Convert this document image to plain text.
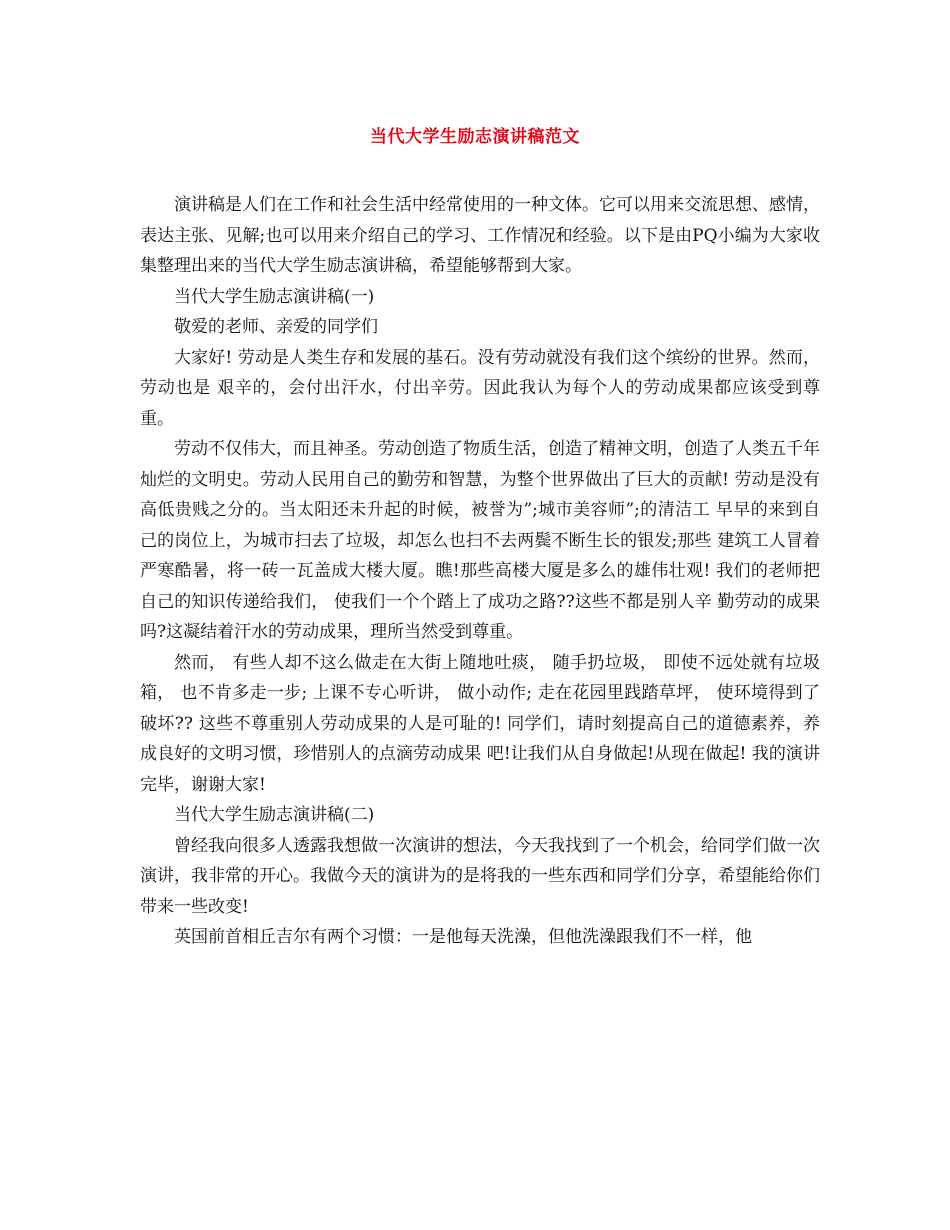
当代大学生励志演讲稿范文

演讲稿是人们在工作和社会生活中经常使用的一种文体。它可以用来交流思想、感情，表达主张、见解;也可以用来介绍自己的学习、工作情况和经验。以下是由PQ小编为大家收集整理出来的当代大学生励志演讲稿，希望能够帮到大家。

当代大学生励志演讲稿(一)

敬爱的老师、亲爱的同学们

大家好! 劳动是人类生存和发展的基石。没有劳动就没有我们这个缤纷的世界。然而，劳动也是 艰辛的，会付出汗水，付出辛劳。因此我认为每个人的劳动成果都应该受到尊重。

劳动不仅伟大，而且神圣。劳动创造了物质生活，创造了精神文明，创造了人类五千年 灿烂的文明史。劳动人民用自己的勤劳和智慧，为整个世界做出了巨大的贡献! 劳动是没有高低贵贱之分的。当太阳还未升起的时候，被誉为”;城市美容师”;的清洁工 早早的来到自己的岗位上，为城市扫去了垃圾，却怎么也扫不去两鬓不断生长的银发;那些 建筑工人冒着严寒酷暑，将一砖一瓦盖成大楼大厦。瞧!那些高楼大厦是多么的雄伟壮观! 我们的老师把自己的知识传递给我们， 使我们一个个踏上了成功之路??这些不都是别人辛 勤劳动的成果吗?这凝结着汗水的劳动成果，理所当然受到尊重。

然而， 有些人却不这么做走在大街上随地吐痰， 随手扔垃圾， 即使不远处就有垃圾箱， 也不肯多走一步; 上课不专心听讲， 做小动作; 走在花园里践踏草坪， 使环境得到了破坏?? 这些不尊重别人劳动成果的人是可耻的! 同学们，请时刻提高自己的道德素养，养成良好的文明习惯，珍惜别人的点滴劳动成果 吧!让我们从自身做起!从现在做起! 我的演讲完毕，谢谢大家!

当代大学生励志演讲稿(二)

曾经我向很多人透露我想做一次演讲的想法，今天我找到了一个机会，给同学们做一次演讲，我非常的开心。我做今天的演讲为的是将我的一些东西和同学们分享，希望能给你们带来一些改变!

英国前首相丘吉尔有两个习惯：一是他每天洗澡，但他洗澡跟我们不一样，他
